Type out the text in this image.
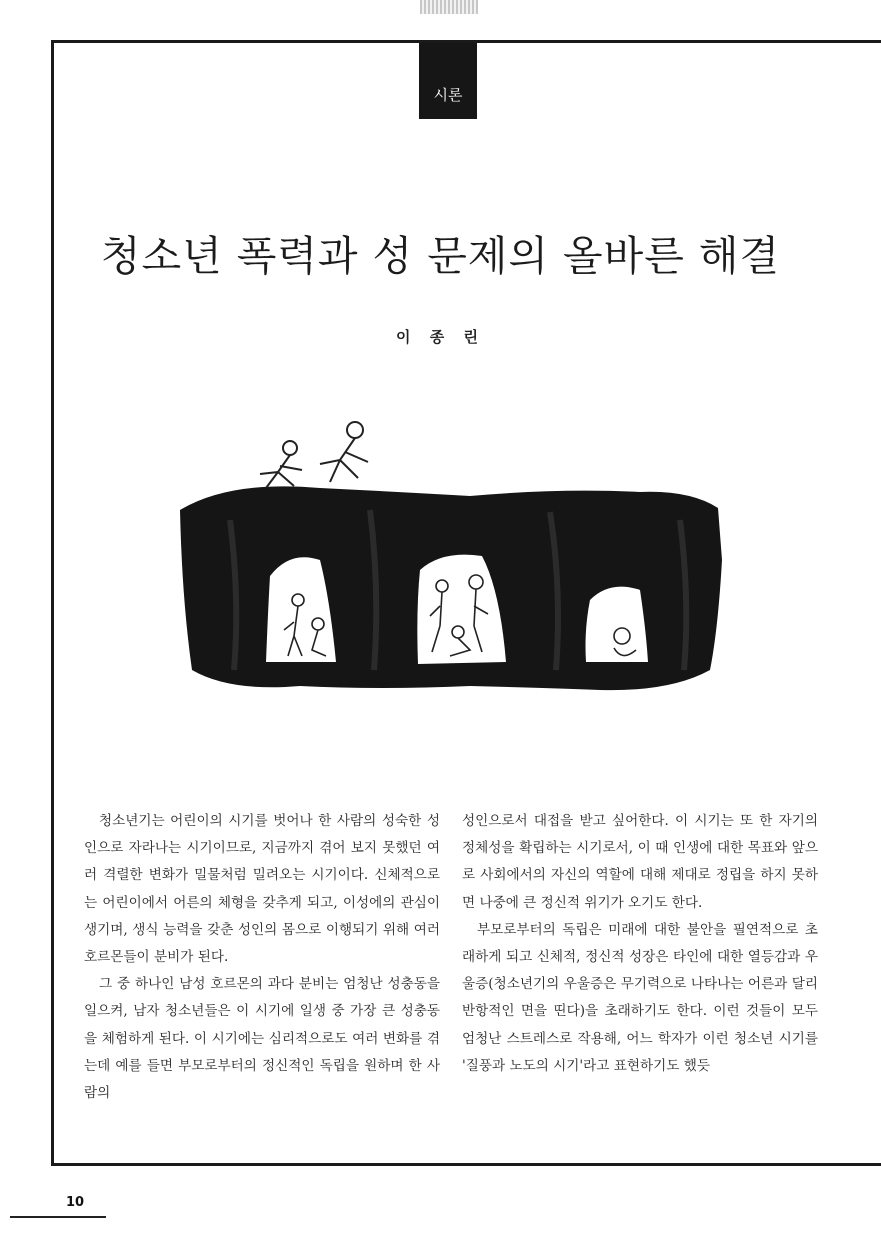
시론
청소년 폭력과 성 문제의 올바른 해결
이 종 린

청소년기는 어린이의 시기를 벗어나 한 사람의 성숙한 성인으로 자라나는 시기이므로, 지금까지 겪어 보지 못했던 여러 격렬한 변화가 밀물처럼 밀려오는 시기이다. 신체적으로는 어린이에서 어른의 체형을 갖추게 되고, 이성에의 관심이 생기며, 생식 능력을 갖춘 성인의 몸으로 이행되기 위해 여러 호르몬들이 분비가 된다.

그 중 하나인 남성 호르몬의 과다 분비는 엄청난 성충동을 일으켜, 남자 청소년들은 이 시기에 일생 중 가장 큰 성충동을 체험하게 된다. 이 시기에는 심리적으로도 여러 변화를 겪는데 예를 들면 부모로부터의 정신적인 독립을 원하며 한 사람의

성인으로서 대접을 받고 싶어한다. 이 시기는 또 한 자기의 정체성을 확립하는 시기로서, 이 때 인생에 대한 목표와 앞으로 사회에서의 자신의 역할에 대해 제대로 정립을 하지 못하면 나중에 큰 정신적 위기가 오기도 한다.

부모로부터의 독립은 미래에 대한 불안을 필연적으로 초래하게 되고 신체적, 정신적 성장은 타인에 대한 열등감과 우울증(청소년기의 우울증은 무기력으로 나타나는 어른과 달리 반항적인 면을 띤다)을 초래하기도 한다. 이런 것들이 모두 엄청난 스트레스로 작용해, 어느 학자가 이런 청소년 시기를 '질풍과 노도의 시기'라고 표현하기도 했듯

10
